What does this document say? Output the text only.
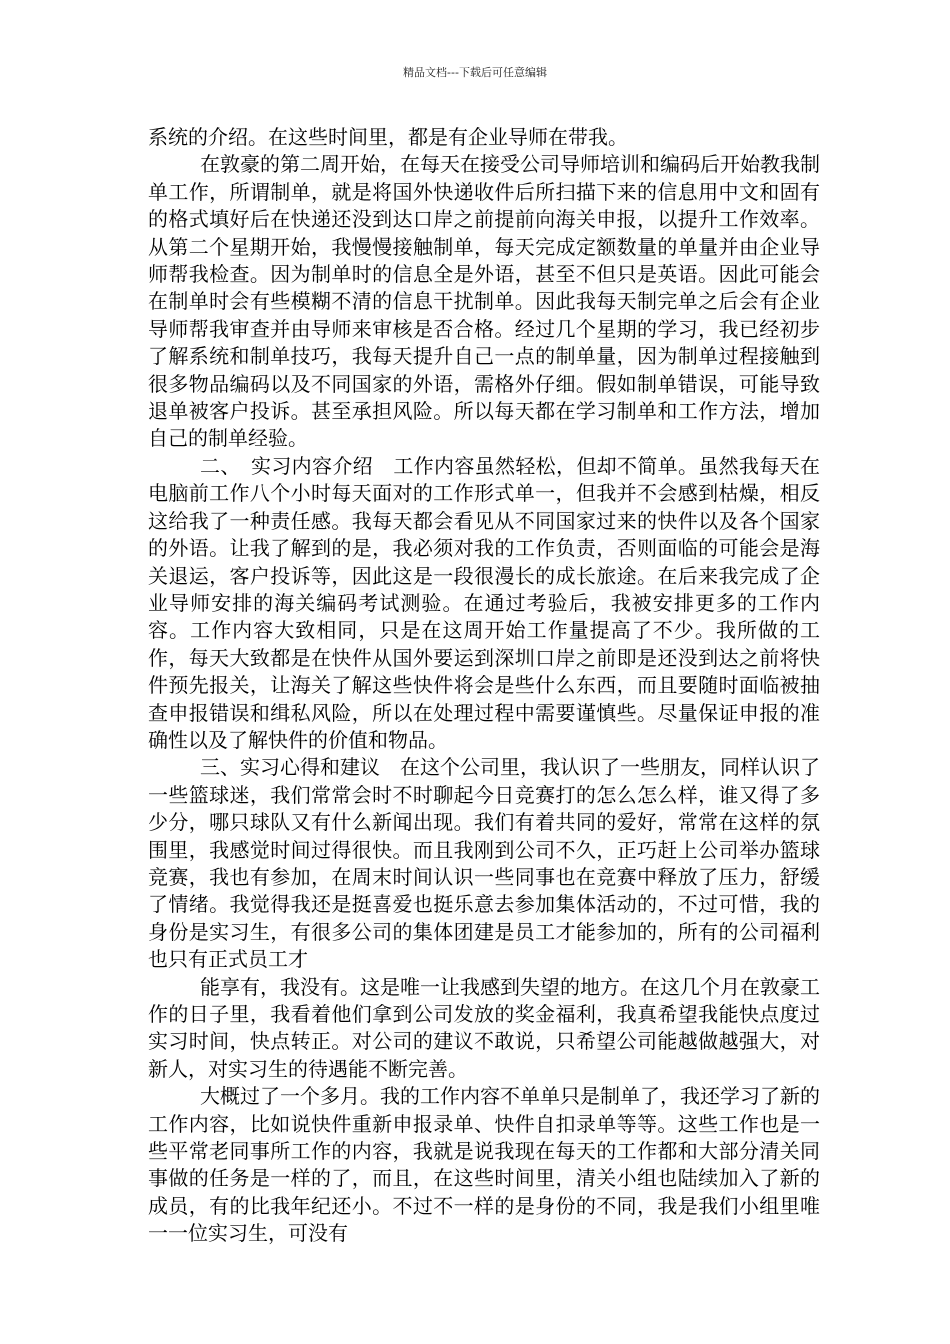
精品文档---下载后可任意编辑

系统的介绍。在这些时间里，都是有企业导师在带我。

在敦豪的第二周开始，在每天在接受公司导师培训和编码后开始教我制单工作，所谓制单，就是将国外快递收件后所扫描下来的信息用中文和固有的格式填好后在快递还没到达口岸之前提前向海关申报，以提升工作效率。从第二个星期开始，我慢慢接触制单，每天完成定额数量的单量并由企业导师帮我检查。因为制单时的信息全是外语，甚至不但只是英语。因此可能会在制单时会有些模糊不清的信息干扰制单。因此我每天制完单之后会有企业导师帮我审查并由导师来审核是否合格。经过几个星期的学习，我已经初步了解系统和制单技巧，我每天提升自己一点的制单量，因为制单过程接触到很多物品编码以及不同国家的外语，需格外仔细。假如制单错误，可能导致退单被客户投诉。甚至承担风险。所以每天都在学习制单和工作方法，增加自己的制单经验。

二、　实习内容介绍　工作内容虽然轻松，但却不简单。虽然我每天在电脑前工作八个小时每天面对的工作形式单一，但我并不会感到枯燥，相反这给我了一种责任感。我每天都会看见从不同国家过来的快件以及各个国家的外语。让我了解到的是，我必须对我的工作负责，否则面临的可能会是海关退运，客户投诉等，因此这是一段很漫长的成长旅途。在后来我完成了企业导师安排的海关编码考试测验。在通过考验后，我被安排更多的工作内容。工作内容大致相同，只是在这周开始工作量提高了不少。我所做的工作，每天大致都是在快件从国外要运到深圳口岸之前即是还没到达之前将快件预先报关，让海关了解这些快件将会是些什么东西，而且要随时面临被抽查申报错误和缉私风险，所以在处理过程中需要谨慎些。尽量保证申报的准确性以及了解快件的价值和物品。

三、实习心得和建议　在这个公司里，我认识了一些朋友，同样认识了一些篮球迷，我们常常会时不时聊起今日竞赛打的怎么怎么样，谁又得了多少分，哪只球队又有什么新闻出现。我们有着共同的爱好，常常在这样的氛围里，我感觉时间过得很快。而且我刚到公司不久，正巧赶上公司举办篮球竞赛，我也有参加，在周末时间认识一些同事也在竞赛中释放了压力，舒缓了情绪。我觉得我还是挺喜爱也挺乐意去参加集体活动的，不过可惜，我的身份是实习生，有很多公司的集体团建是员工才能参加的，所有的公司福利也只有正式员工才

能享有，我没有。这是唯一让我感到失望的地方。在这几个月在敦豪工作的日子里，我看着他们拿到公司发放的奖金福利，我真希望我能快点度过实习时间，快点转正。对公司的建议不敢说，只希望公司能越做越强大，对新人，对实习生的待遇能不断完善。

大概过了一个多月。我的工作内容不单单只是制单了，我还学习了新的工作内容，比如说快件重新申报录单、快件自扣录单等等。这些工作也是一些平常老同事所工作的内容，我就是说我现在每天的工作都和大部分清关同事做的任务是一样的了，而且，在这些时间里，清关小组也陆续加入了新的成员，有的比我年纪还小。不过不一样的是身份的不同，我是我们小组里唯一一位实习生，可没有
